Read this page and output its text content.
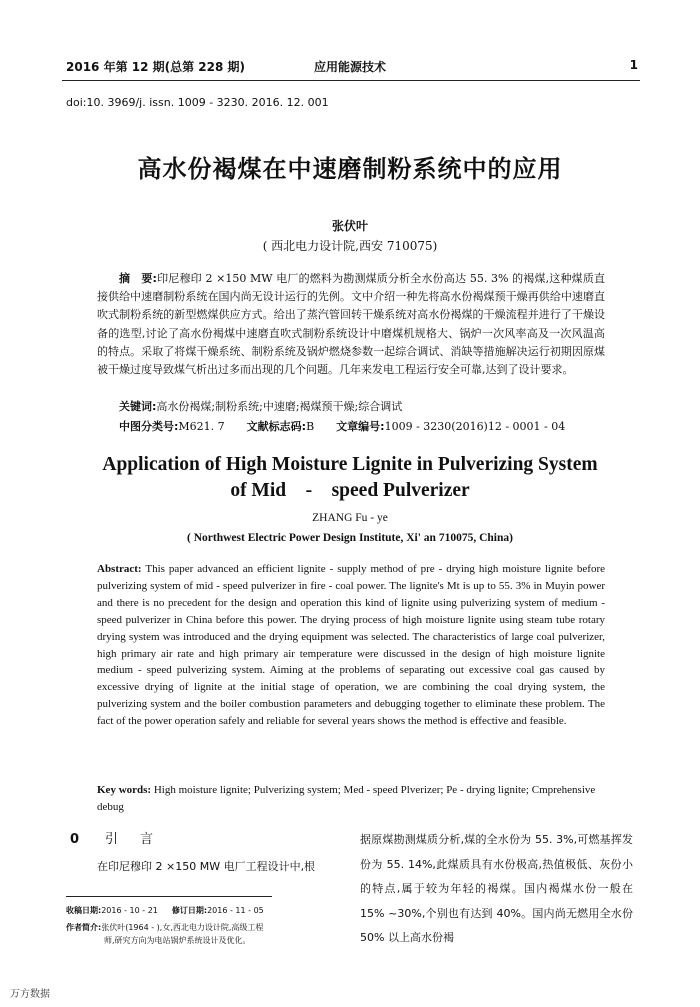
2016 年第 12 期(总第 228 期)	应用能源技术	1
doi:10. 3969/j. issn. 1009 - 3230. 2016. 12. 001
高水份褐煤在中速磨制粉系统中的应用
张伏叶
( 西北电力设计院,西安 710075)
摘　要:印尼穆印 2 ×150 MW 电厂的燃料为勘测煤质分析全水份高达 55. 3% 的褐煤,这种煤质直接供给中速磨制粉系统在国内尚无设计运行的先例。文中介绍一种先将高水份褐煤预干燥再供给中速磨直吹式制粉系统的新型燃煤供应方式。给出了蒸汽管回转干燥系统对高水份褐煤的干燥流程并进行了干燥设备的选型,讨论了高水份褐煤中速磨直吹式制粉系统设计中磨煤机规格大、锅炉一次风率高及一次风温高的特点。采取了将煤干燥系统、制粉系统及锅炉燃烧参数一起综合调试、消缺等措施解决运行初期因原煤被干燥过度导致煤气析出过多而出现的几个问题。几年来发电工程运行安全可靠,达到了设计要求。
关键词:高水份褐煤;制粉系统;中速磨;褐煤预干燥;综合调试
中图分类号:M621. 7 文献标志码:B 文章编号:1009 - 3230(2016)12 - 0001 - 04
Application of High Moisture Lignite in Pulverizing System
of Mid　-　speed Pulverizer
ZHANG Fu - ye
( Northwest Electric Power Design Institute, Xi' an 710075, China)
Abstract: This paper advanced an efficient lignite - supply method of pre - drying high moisture lignite before pulverizing system of mid - speed pulverizer in fire - coal power. The lignite's Mt is up to 55. 3% in Muyin power and there is no precedent for the design and operation this kind of lignite using pulverizing system of medium - speed pulverizer in China before this power. The drying process of high moisture lignite using steam tube rotary drying system was introduced and the drying equipment was selected. The characteristics of large coal pulverizer, high primary air rate and high primary air temperature were discussed in the design of high moisture lignite medium - speed pulverizing system. Aiming at the problems of separating out excessive coal gas caused by excessive drying of lignite at the initial stage of operation, we are combining the coal drying system, the pulverizing system and the boiler combustion parameters and debugging together to eliminate these problem. The fact of the power operation safely and reliable for several years shows the method is effective and feasible.
Key words: High moisture lignite; Pulverizing system; Med - speed Plverizer; Pe - drying lignite; Cmprehensive debug
0 引言
在印尼穆印 2 ×150 MW 电厂工程设计中,根
收稿日期:2016 - 10 - 21 修订日期:2016 - 11 - 05
作者简介:张伏叶(1964 - ),女,西北电力设计院,高级工程
师,研究方向为电站锅炉系统设计及优化。
据原煤勘测煤质分析,煤的全水份为 55. 3%,可燃基挥发份为 55. 14%,此煤质具有水份极高,热值极低、灰份小的特点,属于较为年轻的褐煤。国内褐煤水份一般在 15% ~30%,个别也有达到 40%。国内尚无燃用全水份 50% 以上高水份褐
万方数据
